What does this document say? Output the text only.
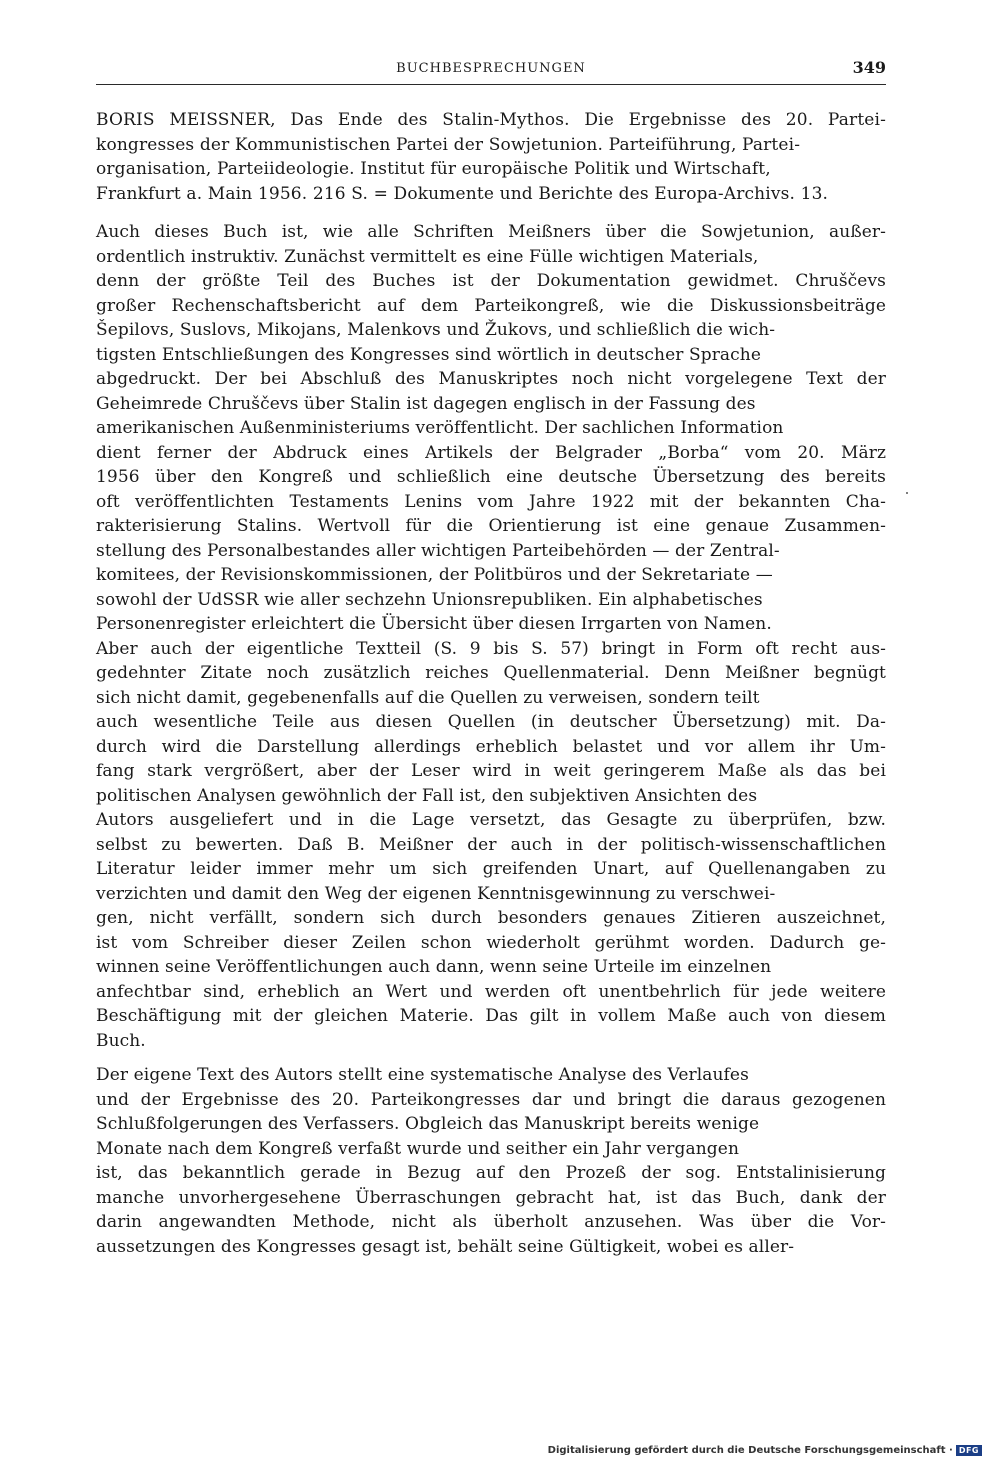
BUCHBESPRECHUNGEN	349
BORIS MEISSNER, Das Ende des Stalin-Mythos. Die Ergebnisse des 20. Partei-
kongresses der Kommunistischen Partei der Sowjetunion. Parteiführung, Partei-
organisation, Parteiideologie. Institut für europäische Politik und Wirtschaft,
Frankfurt a. Main 1956. 216 S. = Dokumente und Berichte des Europa-Archivs. 13.
Auch dieses Buch ist, wie alle Schriften Meißners über die Sowjetunion, außer-
ordentlich instruktiv. Zunächst vermittelt es eine Fülle wichtigen Materials,
denn der größte Teil des Buches ist der Dokumentation gewidmet. Chruščevs
großer Rechenschaftsbericht auf dem Parteikongreß, wie die Diskussionsbeiträge
Šepilovs, Suslovs, Mikojans, Malenkovs und Žukovs, und schließlich die wich-
tigsten Entschließungen des Kongresses sind wörtlich in deutscher Sprache
abgedruckt. Der bei Abschluß des Manuskriptes noch nicht vorgelegene Text der
Geheimrede Chruščevs über Stalin ist dagegen englisch in der Fassung des
amerikanischen Außenministeriums veröffentlicht. Der sachlichen Information
dient ferner der Abdruck eines Artikels der Belgrader „Borba“ vom 20. März
1956 über den Kongreß und schließlich eine deutsche Übersetzung des bereits
oft veröffentlichten Testaments Lenins vom Jahre 1922 mit der bekannten Cha-
rakterisierung Stalins. Wertvoll für die Orientierung ist eine genaue Zusammen-
stellung des Personalbestandes aller wichtigen Parteibehörden — der Zentral-
komitees, der Revisionskommissionen, der Politbüros und der Sekretariate —
sowohl der UdSSR wie aller sechzehn Unionsrepubliken. Ein alphabetisches
Personenregister erleichtert die Übersicht über diesen Irrgarten von Namen.
Aber auch der eigentliche Textteil (S. 9 bis S. 57) bringt in Form oft recht aus-
gedehnter Zitate noch zusätzlich reiches Quellenmaterial. Denn Meißner begnügt
sich nicht damit, gegebenenfalls auf die Quellen zu verweisen, sondern teilt
auch wesentliche Teile aus diesen Quellen (in deutscher Übersetzung) mit. Da-
durch wird die Darstellung allerdings erheblich belastet und vor allem ihr Um-
fang stark vergrößert, aber der Leser wird in weit geringerem Maße als das bei
politischen Analysen gewöhnlich der Fall ist, den subjektiven Ansichten des
Autors ausgeliefert und in die Lage versetzt, das Gesagte zu überprüfen, bzw.
selbst zu bewerten. Daß B. Meißner der auch in der politisch-wissenschaftlichen
Literatur leider immer mehr um sich greifenden Unart, auf Quellenangaben zu
verzichten und damit den Weg der eigenen Kenntnisgewinnung zu verschwei-
gen, nicht verfällt, sondern sich durch besonders genaues Zitieren auszeichnet,
ist vom Schreiber dieser Zeilen schon wiederholt gerühmt worden. Dadurch ge-
winnen seine Veröffentlichungen auch dann, wenn seine Urteile im einzelnen
anfechtbar sind, erheblich an Wert und werden oft unentbehrlich für jede weitere
Beschäftigung mit der gleichen Materie. Das gilt in vollem Maße auch von diesem
Buch.
Der eigene Text des Autors stellt eine systematische Analyse des Verlaufes
und der Ergebnisse des 20. Parteikongresses dar und bringt die daraus gezogenen
Schlußfolgerungen des Verfassers. Obgleich das Manuskript bereits wenige
Monate nach dem Kongreß verfaßt wurde und seither ein Jahr vergangen
ist, das bekanntlich gerade in Bezug auf den Prozeß der sog. Entstalinisierung
manche unvorhergesehene Überraschungen gebracht hat, ist das Buch, dank der
darin angewandten Methode, nicht als überholt anzusehen. Was über die Vor-
aussetzungen des Kongresses gesagt ist, behält seine Gültigkeit, wobei es aller-
Digitalisierung gefördert durch die Deutsche Forschungsgemeinschaft · DFG
